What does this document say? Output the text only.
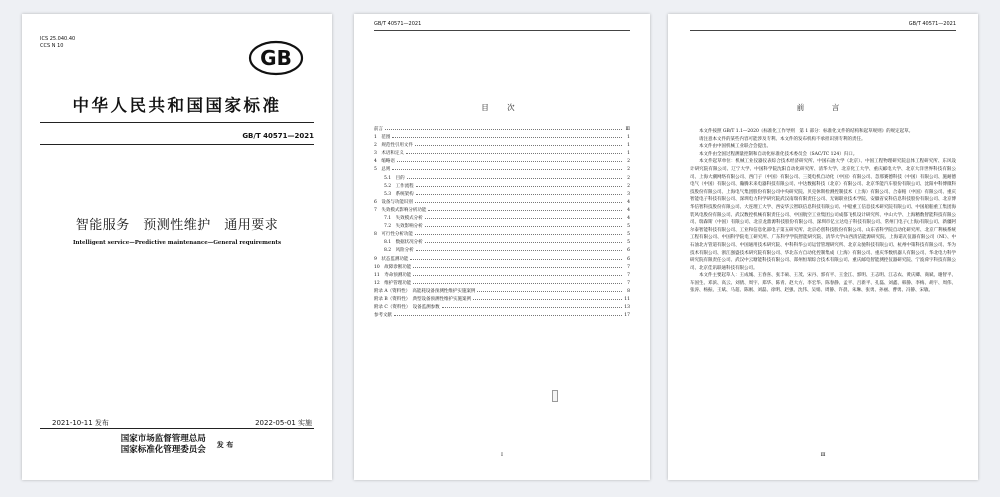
ICS 25.040.40
CCS N 10	GB
中华人民共和国国家标准
GB/T 40571—2021
智能服务　预测性维护　通用要求
Intelligent service—Predictive maintenance—General requirements
2021-10-11 发布	2022-05-01 实施
国家市场监督管理总局
国家标准化管理委员会
发 布
GB/T 40571—2021
目 次
前言	Ⅲ
1　范围	1
2　规范性引用文件	1
3　术语和定义	1
4　缩略语	2
5　总则	2
5.1　目的	2
5.2　工作流程	2
5.3　系统架构	3
6　设备与功能识别	4
7　失效模式影响分析功能	4
7.1　失效模式分析	4
7.2　失效影响分析	5
8　可行性分析功能	5
8.1　数据状况分析	5
8.2　风险分析	6
9　状态监测功能	6
10　故障诊断功能	7
11　寿命预测功能	7
12　维护管理功能	7
附录 A（资料性）　高能耗设备预测性维护实施案例	8
附录 B（资料性）　典型设备预测性维护实施案例	11
附录 C（资料性）　设备监测参数	13
参考文献	17
I
GB/T 40571—2021
前　言

本文件按照 GB/T 1.1—2020《标准化工作导则　第 1 部分：标准化文件的结构和起草规则》的规定起草。

请注意本文件的某些内容可能涉及专利。本文件的发布机构不承担识别专利的责任。

本文件由中国机械工业联合会提出。

本文件由全国过程测量控制和自动化标准化技术委员会（SAC/TC 124）归口。

本文件起草单位：机械工业仪器仪表综合技术经济研究所、中国石油大学（北京）、中国工程物理研究院总体工程研究所、东风设计研究院有限公司、辽宁大学、中国科学院沈阳自动化研究所、清华大学、北京化工大学、重庆邮电大学、北京大洋世界科技有限公司、上海大潮网络有限公司、西门子（中国）有限公司、三菱电机自动化（中国）有限公司、忽那赛德科技（中国）有限公司、施耐德电气（中国）有限公司、瀚腾未来电器科技有限公司、中达数据科技（北京）有限公司、北京华能汽车股份有限公司、沈阳中科博微科技股份有限公司、上海电气集团股份有限公司中央研究院、贝克休斯检测控制技术（上海）有限公司、合泰帕（中国）有限公司、重庆智能电子科技有限公司、深圳电力科学研究院武汉南瑞有限责任公司、无锡职业技术学院、安徽省安科信息科技股份有限公司、北京博华信智科技股份有限公司、大连理工大学、西安华云智联信息科技有限公司、中船重工信息技术研究院有限公司、中国船舶重工集团海装风电股份有限公司、武汉数控机械有限责任公司、中国航空工业集团公司成都飞机设计研究所、中山大学、上海精数智能科技有限公司、瑞森斯（中国）有限公司、北京龙鼎源科技股份有限公司、深圳市亿立达电子科技有限公司、常州门电子(上海)有限公司、新疆阿尔泰智能科技有限公司、工业和信息化部电子第五研究所、北京必创科技股份有限公司、山东省科学院自动化研究所、北京广利核系统工程有限公司、中国科学院电工研究所、广东科学学院智能研究院、清华大学山西清洁能源研究院、上海诺瓦仪器有限公司（NI）、中石油北方管道有限公司、中国通用技术研究院、中科科华公司运营管理研究所、北京众驰科技有限公司、杭州中策科技有限公司、华为技术有限公司、浙江强盛技术研究院有限公司、华北东方自动化控制集成（上海）有限公司、重庆华数机器人有限公司、华北电力科学研究院有限责任公司、武汉中云塘能科技有限公司、郑州恒瑞综合技术有限公司、重庆邮电智能测控仪器研究院、宁波舜宇科技有限公司、北京佳讯联通科技有限公司。

本文件主要起草人：王成城、王春喜、张丰硕、王茂、宋丹、郭有平、王金江、郭明、王志明、江志农、黄庆卿、商斌、谢智平、车国生、邓滨、高云、刘倩、周宇、郑华、陈青、赵大方、李宏华、陈春静、孟平、吕新平、孔磊、刘鑫、韩静、李梅、胡宇、周伟、张涛、杨振、王斌、马超、陈刚、刘磊、徐明、赵强、沈伟、吴娟、周静、许晨、朱琳、张勇、孙丽、曹勇、冯静、宋敏。

Ⅲ
